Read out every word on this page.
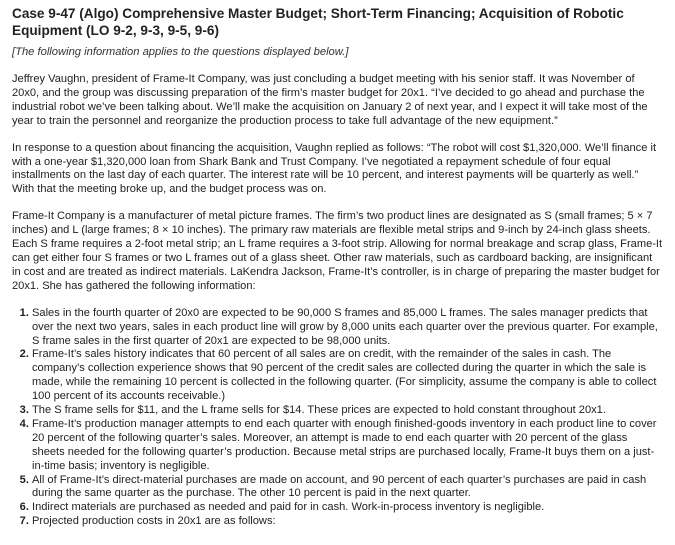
Case 9-47 (Algo) Comprehensive Master Budget; Short-Term Financing; Acquisition of Robotic Equipment (LO 9-2, 9-3, 9-5, 9-6)

[The following information applies to the questions displayed below.]

Jeffrey Vaughn, president of Frame-It Company, was just concluding a budget meeting with his senior staff. It was November of 20x0, and the group was discussing preparation of the firm’s master budget for 20x1. “I’ve decided to go ahead and purchase the industrial robot we’ve been talking about. We’ll make the acquisition on January 2 of next year, and I expect it will take most of the year to train the personnel and reorganize the production process to take full advantage of the new equipment.”

In response to a question about financing the acquisition, Vaughn replied as follows: “The robot will cost $1,320,000. We’ll finance it with a one-year $1,320,000 loan from Shark Bank and Trust Company. I’ve negotiated a repayment schedule of four equal installments on the last day of each quarter. The interest rate will be 10 percent, and interest payments will be quarterly as well.” With that the meeting broke up, and the budget process was on.

Frame-It Company is a manufacturer of metal picture frames. The firm’s two product lines are designated as S (small frames; 5 × 7 inches) and L (large frames; 8 × 10 inches). The primary raw materials are flexible metal strips and 9-inch by 24-inch glass sheets. Each S frame requires a 2-foot metal strip; an L frame requires a 3-foot strip. Allowing for normal breakage and scrap glass, Frame-It can get either four S frames or two L frames out of a glass sheet. Other raw materials, such as cardboard backing, are insignificant in cost and are treated as indirect materials. LaKendra Jackson, Frame-It’s controller, is in charge of preparing the master budget for 20x1. She has gathered the following information:

1. Sales in the fourth quarter of 20x0 are expected to be 90,000 S frames and 85,000 L frames. The sales manager predicts that over the next two years, sales in each product line will grow by 8,000 units each quarter over the previous quarter. For example, S frame sales in the first quarter of 20x1 are expected to be 98,000 units.
2. Frame-It’s sales history indicates that 60 percent of all sales are on credit, with the remainder of the sales in cash. The company’s collection experience shows that 90 percent of the credit sales are collected during the quarter in which the sale is made, while the remaining 10 percent is collected in the following quarter. (For simplicity, assume the company is able to collect 100 percent of its accounts receivable.)
3. The S frame sells for $11, and the L frame sells for $14. These prices are expected to hold constant throughout 20x1.
4. Frame-It’s production manager attempts to end each quarter with enough finished-goods inventory in each product line to cover 20 percent of the following quarter’s sales. Moreover, an attempt is made to end each quarter with 20 percent of the glass sheets needed for the following quarter’s production. Because metal strips are purchased locally, Frame-It buys them on a just-in-time basis; inventory is negligible.
5. All of Frame-It’s direct-material purchases are made on account, and 90 percent of each quarter’s purchases are paid in cash during the same quarter as the purchase. The other 10 percent is paid in the next quarter.
6. Indirect materials are purchased as needed and paid for in cash. Work-in-process inventory is negligible.
7. Projected production costs in 20x1 are as follows:
